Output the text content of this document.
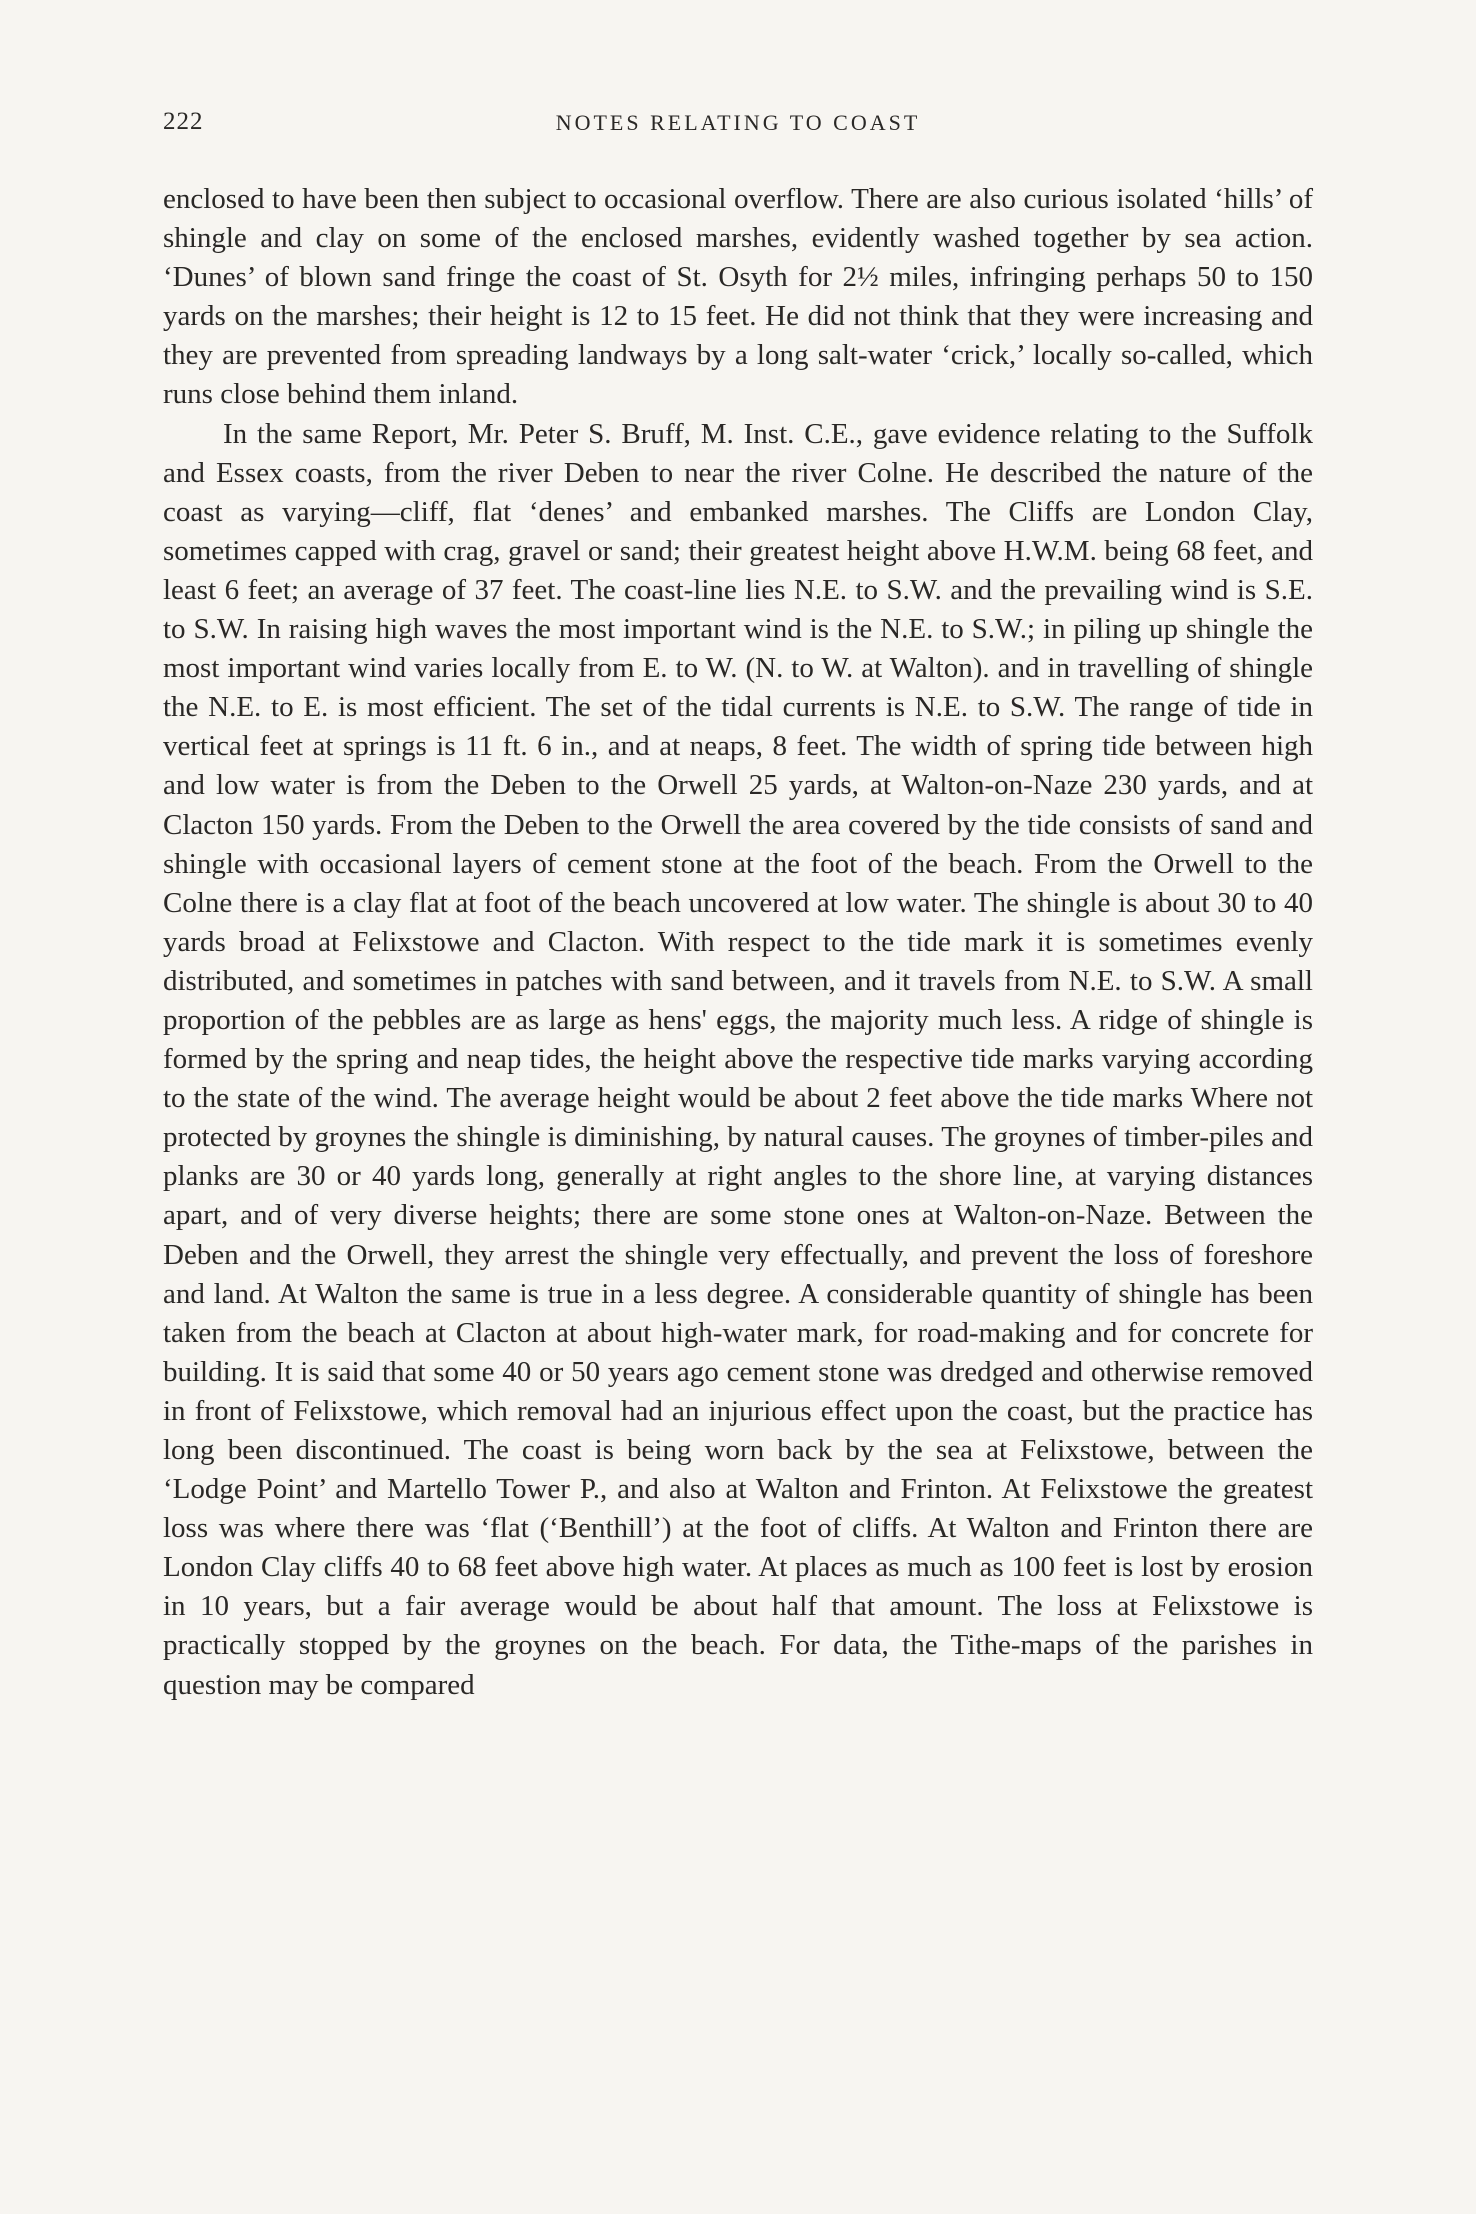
222	NOTES RELATING TO COAST

enclosed to have been then subject to occasional overflow. There are also curious isolated ‘hills’ of shingle and clay on some of the enclosed marshes, evidently washed together by sea action. ‘Dunes’ of blown sand fringe the coast of St. Osyth for 2½ miles, infringing perhaps 50 to 150 yards on the marshes; their height is 12 to 15 feet. He did not think that they were increasing and they are prevented from spreading landways by a long salt-water ‘crick,’ locally so-called, which runs close behind them inland.

In the same Report, Mr. Peter S. Bruff, M. Inst. C.E., gave evidence relating to the Suffolk and Essex coasts, from the river Deben to near the river Colne. He described the nature of the coast as varying—cliff, flat ‘denes’ and embanked marshes. The Cliffs are London Clay, sometimes capped with crag, gravel or sand; their greatest height above H.W.M. being 68 feet, and least 6 feet; an average of 37 feet. The coast-line lies N.E. to S.W. and the prevailing wind is S.E. to S.W. In raising high waves the most important wind is the N.E. to S.W.; in piling up shingle the most important wind varies locally from E. to W. (N. to W. at Walton). and in travelling of shingle the N.E. to E. is most efficient. The set of the tidal currents is N.E. to S.W. The range of tide in vertical feet at springs is 11 ft. 6 in., and at neaps, 8 feet. The width of spring tide between high and low water is from the Deben to the Orwell 25 yards, at Walton-on-Naze 230 yards, and at Clacton 150 yards. From the Deben to the Orwell the area covered by the tide consists of sand and shingle with occasional layers of cement stone at the foot of the beach. From the Orwell to the Colne there is a clay flat at foot of the beach uncovered at low water. The shingle is about 30 to 40 yards broad at Felixstowe and Clacton. With respect to the tide mark it is sometimes evenly distributed, and sometimes in patches with sand between, and it travels from N.E. to S.W. A small proportion of the pebbles are as large as hens' eggs, the majority much less. A ridge of shingle is formed by the spring and neap tides, the height above the respective tide marks varying according to the state of the wind. The average height would be about 2 feet above the tide marks Where not protected by groynes the shingle is diminishing, by natural causes. The groynes of timber-piles and planks are 30 or 40 yards long, generally at right angles to the shore line, at varying distances apart, and of very diverse heights; there are some stone ones at Walton-on-Naze. Between the Deben and the Orwell, they arrest the shingle very effectually, and prevent the loss of foreshore and land. At Walton the same is true in a less degree. A considerable quantity of shingle has been taken from the beach at Clacton at about high-water mark, for road-making and for concrete for building. It is said that some 40 or 50 years ago cement stone was dredged and otherwise removed in front of Felixstowe, which removal had an injurious effect upon the coast, but the practice has long been discontinued. The coast is being worn back by the sea at Felixstowe, between the ‘Lodge Point’ and Martello Tower P., and also at Walton and Frinton. At Felixstowe the greatest loss was where there was ‘flat (‘Benthill’) at the foot of cliffs. At Walton and Frinton there are London Clay cliffs 40 to 68 feet above high water. At places as much as 100 feet is lost by erosion in 10 years, but a fair average would be about half that amount. The loss at Felixstowe is practically stopped by the groynes on the beach. For data, the Tithe-maps of the parishes in question may be compared
